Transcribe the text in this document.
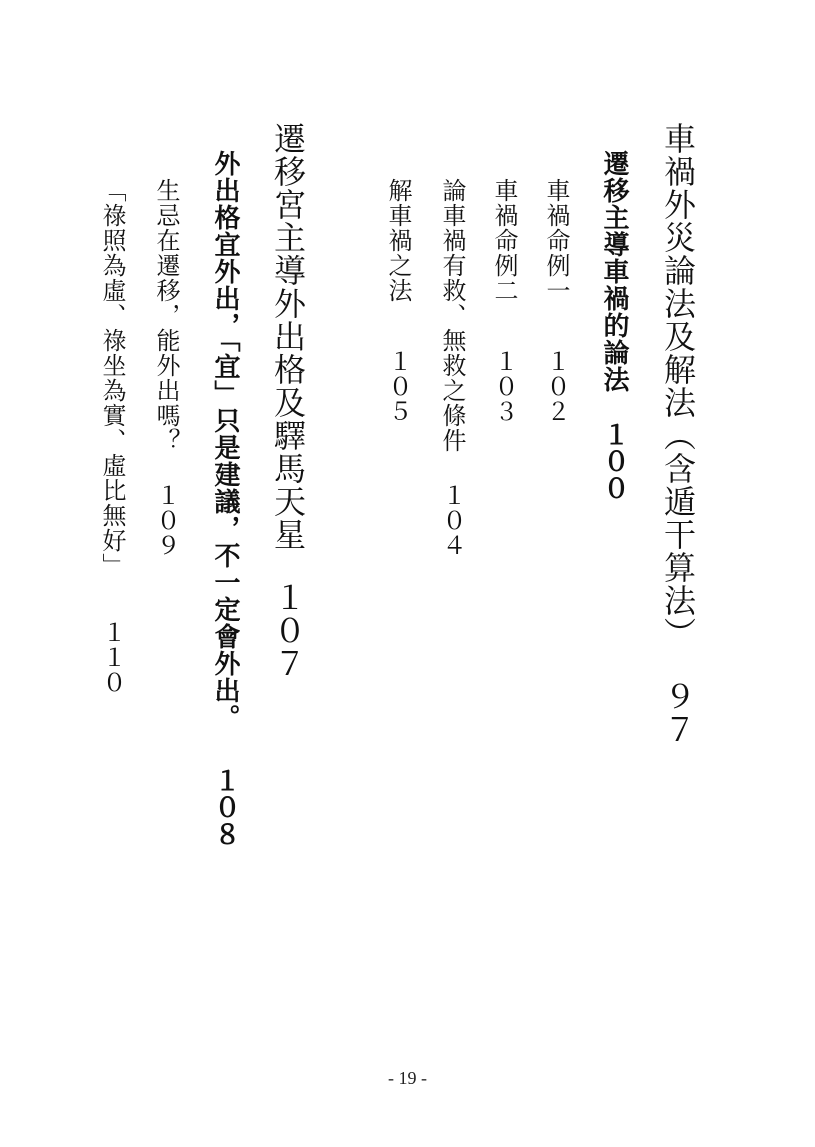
車禍外災論法及解法（含遁干算法）９７
遷移主導車禍的論法１００
車禍命例一１０２
車禍命例二１０３
論車禍有救、無救之條件１０４
解車禍之法１０５
遷移宮主導外出格及驛馬天星１０７
外出格宜外出，「宜」只是建議，不一定會外出。１０８
生忌在遷移，能外出嗎？１０９
「祿照為虛、祿坐為實、虛比無好」１１０
- 19 -
